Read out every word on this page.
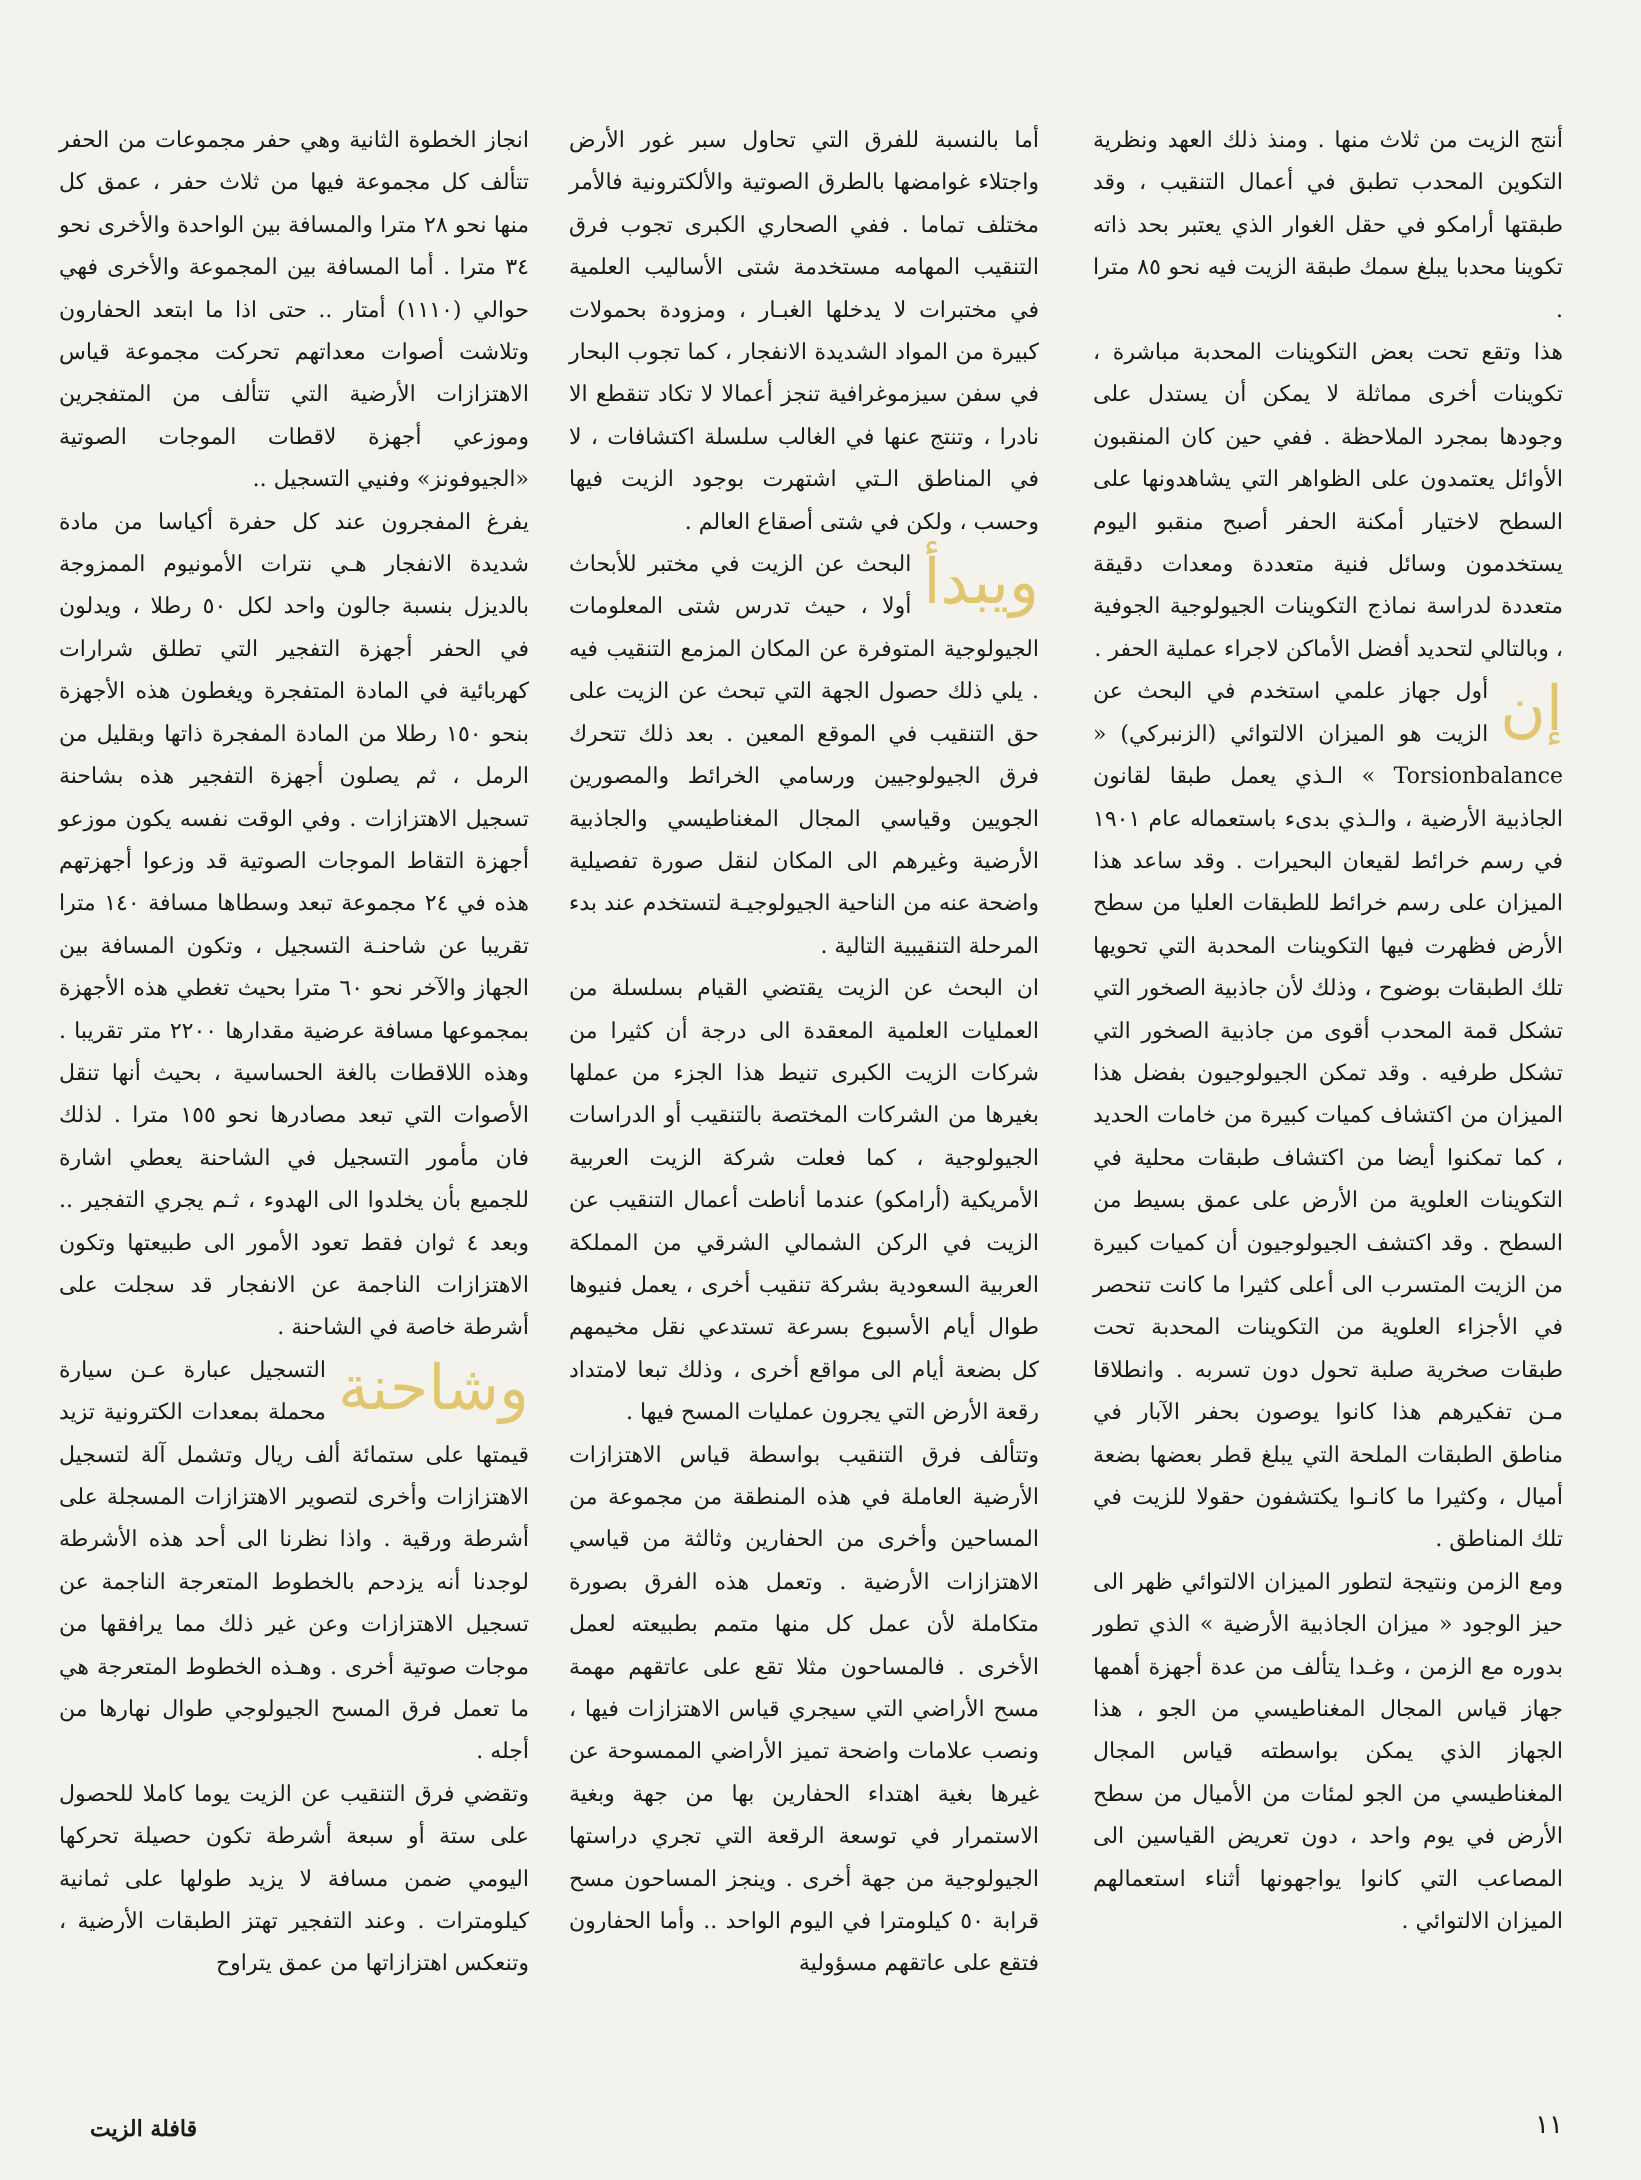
أنتج الزيت من ثلاث منها . ومنذ ذلك العهد ونظرية التكوين المحدب تطبق في أعمال التنقيب ، وقد طبقتها أرامكو في حقل الغوار الذي يعتبر بحد ذاته تكوينا محدبا يبلغ سمك طبقة الزيت فيه نحو ٨٥ مترا .

هذا وتقع تحت بعض التكوينات المحدبة مباشرة ، تكوينات أخرى مماثلة لا يمكن أن يستدل على وجودها بمجرد الملاحظة . ففي حين كان المنقبون الأوائل يعتمدون على الظواهر التي يشاهدونها على السطح لاختيار أمكنة الحفر أصبح منقبو اليوم يستخدمون وسائل فنية متعددة ومعدات دقيقة متعددة لدراسة نماذج التكوينات الجيولوجية الجوفية ، وبالتالي لتحديد أفضل الأماكن لاجراء عملية الحفر .

إن
أول جهاز علمي استخدم في البحث عن الزيت هو الميزان الالتوائي (الزنبركي) « Torsionbalance » الـذي يعمل طبقا لقانون الجاذبية الأرضية ، والـذي بدىء باستعماله عام ١٩٠١ في رسم خرائط لقيعان البحيرات . وقد ساعد هذا الميزان على رسم خرائط للطبقات العليا من سطح الأرض فظهرت فيها التكوينات المحدبة التي تحويها تلك الطبقات بوضوح ، وذلك لأن جاذبية الصخور التي تشكل قمة المحدب أقوى من جاذبية الصخور التي تشكل طرفيه . وقد تمكن الجيولوجيون بفضل هذا الميزان من اكتشاف كميات كبيرة من خامات الحديد ، كما تمكنوا أيضا من اكتشاف طبقات محلية في التكوينات العلوية من الأرض على عمق بسيط من السطح . وقد اكتشف الجيولوجيون أن كميات كبيرة من الزيت المتسرب الى أعلى كثيرا ما كانت تنحصر في الأجزاء العلوية من التكوينات المحدبة تحت طبقات صخرية صلبة تحول دون تسربه . وانطلاقا مـن تفكيرهم هذا كانوا يوصون بحفر الآبار في مناطق الطبقات الملحة التي يبلغ قطر بعضها بضعة أميال ، وكثيرا ما كانـوا يكتشفون حقولا للزيت في تلك المناطق .

ومع الزمن ونتيجة لتطور الميزان الالتوائي ظهر الى حيز الوجود « ميزان الجاذبية الأرضية » الذي تطور بدوره مع الزمن ، وغـدا يتألف من عدة أجهزة أهمها جهاز قياس المجال المغناطيسي من الجو ، هذا الجهاز الذي يمكن بواسطته قياس المجال المغناطيسي من الجو لمئات من الأميال من سطح الأرض في يوم واحد ، دون تعريض القياسين الى المصاعب التي كانوا يواجهونها أثناء استعمالهم الميزان الالتوائي .

أما بالنسبة للفرق التي تحاول سبر غور الأرض واجتلاء غوامضها بالطرق الصوتية والألكترونية فالأمر مختلف تماما . ففي الصحاري الكبرى تجوب فرق التنقيب المهامه مستخدمة شتى الأساليب العلمية في مختبرات لا يدخلها الغبـار ، ومزودة بحمولات كبيرة من المواد الشديدة الانفجار ، كما تجوب البحار في سفن سيزموغرافية تنجز أعمالا لا تكاد تنقطع الا نادرا ، وتنتج عنها في الغالب سلسلة اكتشافات ، لا في المناطق الـتي اشتهرت بوجود الزيت فيها وحسب ، ولكن في شتى أصقاع العالم .

ويبدأ
البحث عن الزيت في مختبر للأبحاث أولا ، حيث تدرس شتى المعلومات الجيولوجية المتوفرة عن المكان المزمع التنقيب فيه . يلي ذلك حصول الجهة التي تبحث عن الزيت على حق التنقيب في الموقع المعين . بعد ذلك تتحرك فرق الجيولوجيين ورسامي الخرائط والمصورين الجويين وقياسي المجال المغناطيسي والجاذبية الأرضية وغيرهم الى المكان لنقل صورة تفصيلية واضحة عنه من الناحية الجيولوجيـة لتستخدم عند بدء المرحلة التنقيبية التالية .

ان البحث عن الزيت يقتضي القيام بسلسلة من العمليات العلمية المعقدة الى درجة أن كثيرا من شركات الزيت الكبرى تنيط هذا الجزء من عملها بغيرها من الشركات المختصة بالتنقيب أو الدراسات الجيولوجية ، كما فعلت شركة الزيت العربية الأمريكية (أرامكو) عندما أناطت أعمال التنقيب عن الزيت في الركن الشمالي الشرقي من المملكة العربية السعودية بشركة تنقيب أخرى ، يعمل فنيوها طوال أيام الأسبوع بسرعة تستدعي نقل مخيمهم كل بضعة أيام الى مواقع أخرى ، وذلك تبعا لامتداد رقعة الأرض التي يجرون عمليات المسح فيها .

وتتألف فرق التنقيب بواسطة قياس الاهتزازات الأرضية العاملة في هذه المنطقة من مجموعة من المساحين وأخرى من الحفارين وثالثة من قياسي الاهتزازات الأرضية . وتعمل هذه الفرق بصورة متكاملة لأن عمل كل منها متمم بطبيعته لعمل الأخرى . فالمساحون مثلا تقع على عاتقهم مهمة مسح الأراضي التي سيجري قياس الاهتزازات فيها ، ونصب علامات واضحة تميز الأراضي الممسوحة عن غيرها بغية اهتداء الحفارين بها من جهة وبغية الاستمرار في توسعة الرقعة التي تجري دراستها الجيولوجية من جهة أخرى . وينجز المساحون مسح قرابة ٥٠ كيلومترا في اليوم الواحد .. وأما الحفارون فتقع على عاتقهم مسؤولية

انجاز الخطوة الثانية وهي حفر مجموعات من الحفر تتألف كل مجموعة فيها من ثلاث حفر ، عمق كل منها نحو ٢٨ مترا والمسافة بين الواحدة والأخرى نحو ٣٤ مترا . أما المسافة بين المجموعة والأخرى فهي حوالي (١١١٠) أمتار .. حتى اذا ما ابتعد الحفارون وتلاشت أصوات معداتهم تحركت مجموعة قياس الاهتزازات الأرضية التي تتألف من المتفجرين وموزعي أجهزة لاقطات الموجات الصوتية «الجيوفونز» وفنيي التسجيل ..

يفرغ المفجرون عند كل حفرة أكياسا من مادة شديدة الانفجار هـي نترات الأمونيوم الممزوجة بالديزل بنسبة جالون واحد لكل ٥٠ رطلا ، ويدلون في الحفر أجهزة التفجير التي تطلق شرارات كهربائية في المادة المتفجرة ويغطون هذه الأجهزة بنحو ١٥٠ رطلا من المادة المفجرة ذاتها وبقليل من الرمل ، ثم يصلون أجهزة التفجير هذه بشاحنة تسجيل الاهتزازات . وفي الوقت نفسه يكون موزعو أجهزة التقاط الموجات الصوتية قد وزعوا أجهزتهم هذه في ٢٤ مجموعة تبعد وسطاها مسافة ١٤٠ مترا تقريبا عن شاحنـة التسجيل ، وتكون المسافة بين الجهاز والآخر نحو ٦٠ مترا بحيث تغطي هذه الأجهزة بمجموعها مسافة عرضية مقدارها ٢٢٠٠ متر تقريبا . وهذه اللاقطات بالغة الحساسية ، بحيث أنها تنقل الأصوات التي تبعد مصادرها نحو ١٥٥ مترا . لذلك فان مأمور التسجيل في الشاحنة يعطي اشارة للجميع بأن يخلدوا الى الهدوء ، ثـم يجري التفجير .. وبعد ٤ ثوان فقط تعود الأمور الى طبيعتها وتكون الاهتزازات الناجمة عن الانفجار قد سجلت على أشرطة خاصة في الشاحنة .

وشاحنة
التسجيل عبارة عـن سيارة محملة بمعدات الكترونية تزيد قيمتها على ستمائة ألف ريال وتشمل آلة لتسجيل الاهتزازات وأخرى لتصوير الاهتزازات المسجلة على أشرطة ورقية . واذا نظرنا الى أحد هذه الأشرطة لوجدنا أنه يزدحم بالخطوط المتعرجة الناجمة عن تسجيل الاهتزازات وعن غير ذلك مما يرافقها من موجات صوتية أخرى . وهـذه الخطوط المتعرجة هي ما تعمل فرق المسح الجيولوجي طوال نهارها من أجله .

وتقضي فرق التنقيب عن الزيت يوما كاملا للحصول على ستة أو سبعة أشرطة تكون حصيلة تحركها اليومي ضمن مسافة لا يزيد طولها على ثمانية كيلومترات . وعند التفجير تهتز الطبقات الأرضية ، وتنعكس اهتزازاتها من عمق يتراوح

١١
قافلة الزيت
